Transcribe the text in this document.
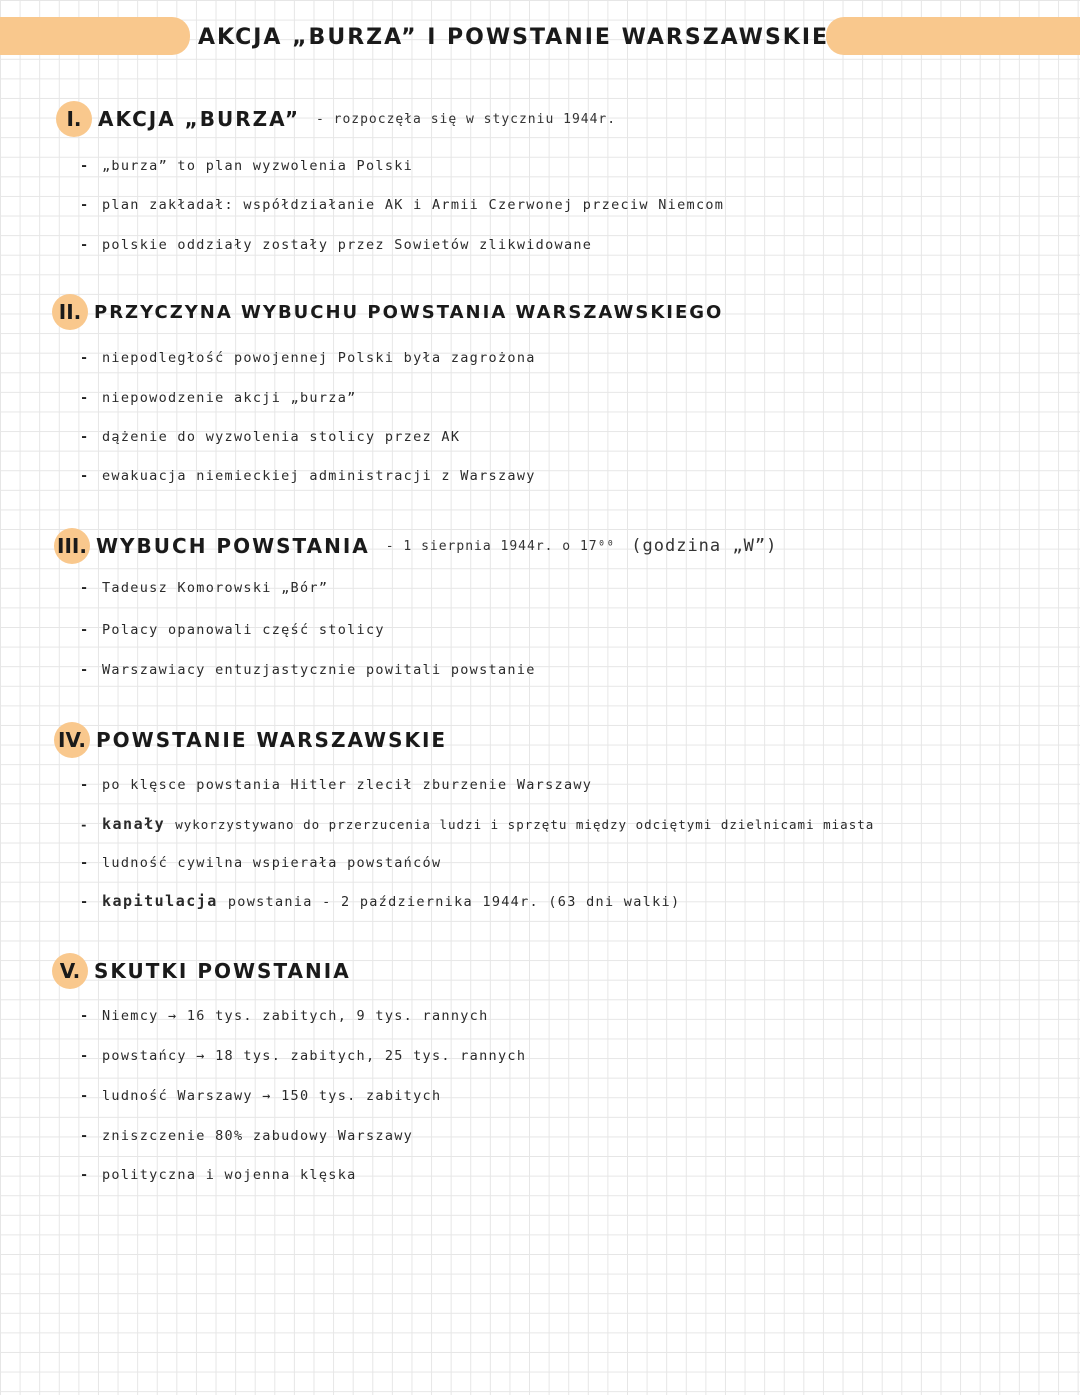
AKCJA „BURZA” I POWSTANIE WARSZAWSKIE
I. AKCJA „BURZA” - rozpoczęła się w styczniu 1944r.
- „burza” to plan wyzwolenia Polski
- plan zakładał: współdziałanie AK i Armii Czerwonej przeciw Niemcom
- polskie oddziały zostały przez Sowietów zlikwidowane
II. PRZYCZYNA WYBUCHU POWSTANIA WARSZAWSKIEGO
- niepodległość powojennej Polski była zagrożona
- niepowodzenie akcji „burza”
- dążenie do wyzwolenia stolicy przez AK
- ewakuacja niemieckiej administracji z Warszawy
III. WYBUCH POWSTANIA - 1 sierpnia 1944r. o 17⁰⁰ (godzina „W”)
- Tadeusz Komorowski „Bór”
- Polacy opanowali część stolicy
- Warszawiacy entuzjastycznie powitali powstanie
IV. POWSTANIE WARSZAWSKIE
- po klęsce powstania Hitler zlecił zburzenie Warszawy
- kanały wykorzystywano do przerzucenia ludzi i sprzętu między odciętymi dzielnicami miasta
- ludność cywilna wspierała powstańców
- kapitulacja powstania - 2 października 1944r. (63 dni walki)
V. SKUTKI POWSTANIA
- Niemcy → 16 tys. zabitych, 9 tys. rannych
- powstańcy → 18 tys. zabitych, 25 tys. rannych
- ludność Warszawy → 150 tys. zabitych
- zniszczenie 80% zabudowy Warszawy
- polityczna i wojenna klęska
